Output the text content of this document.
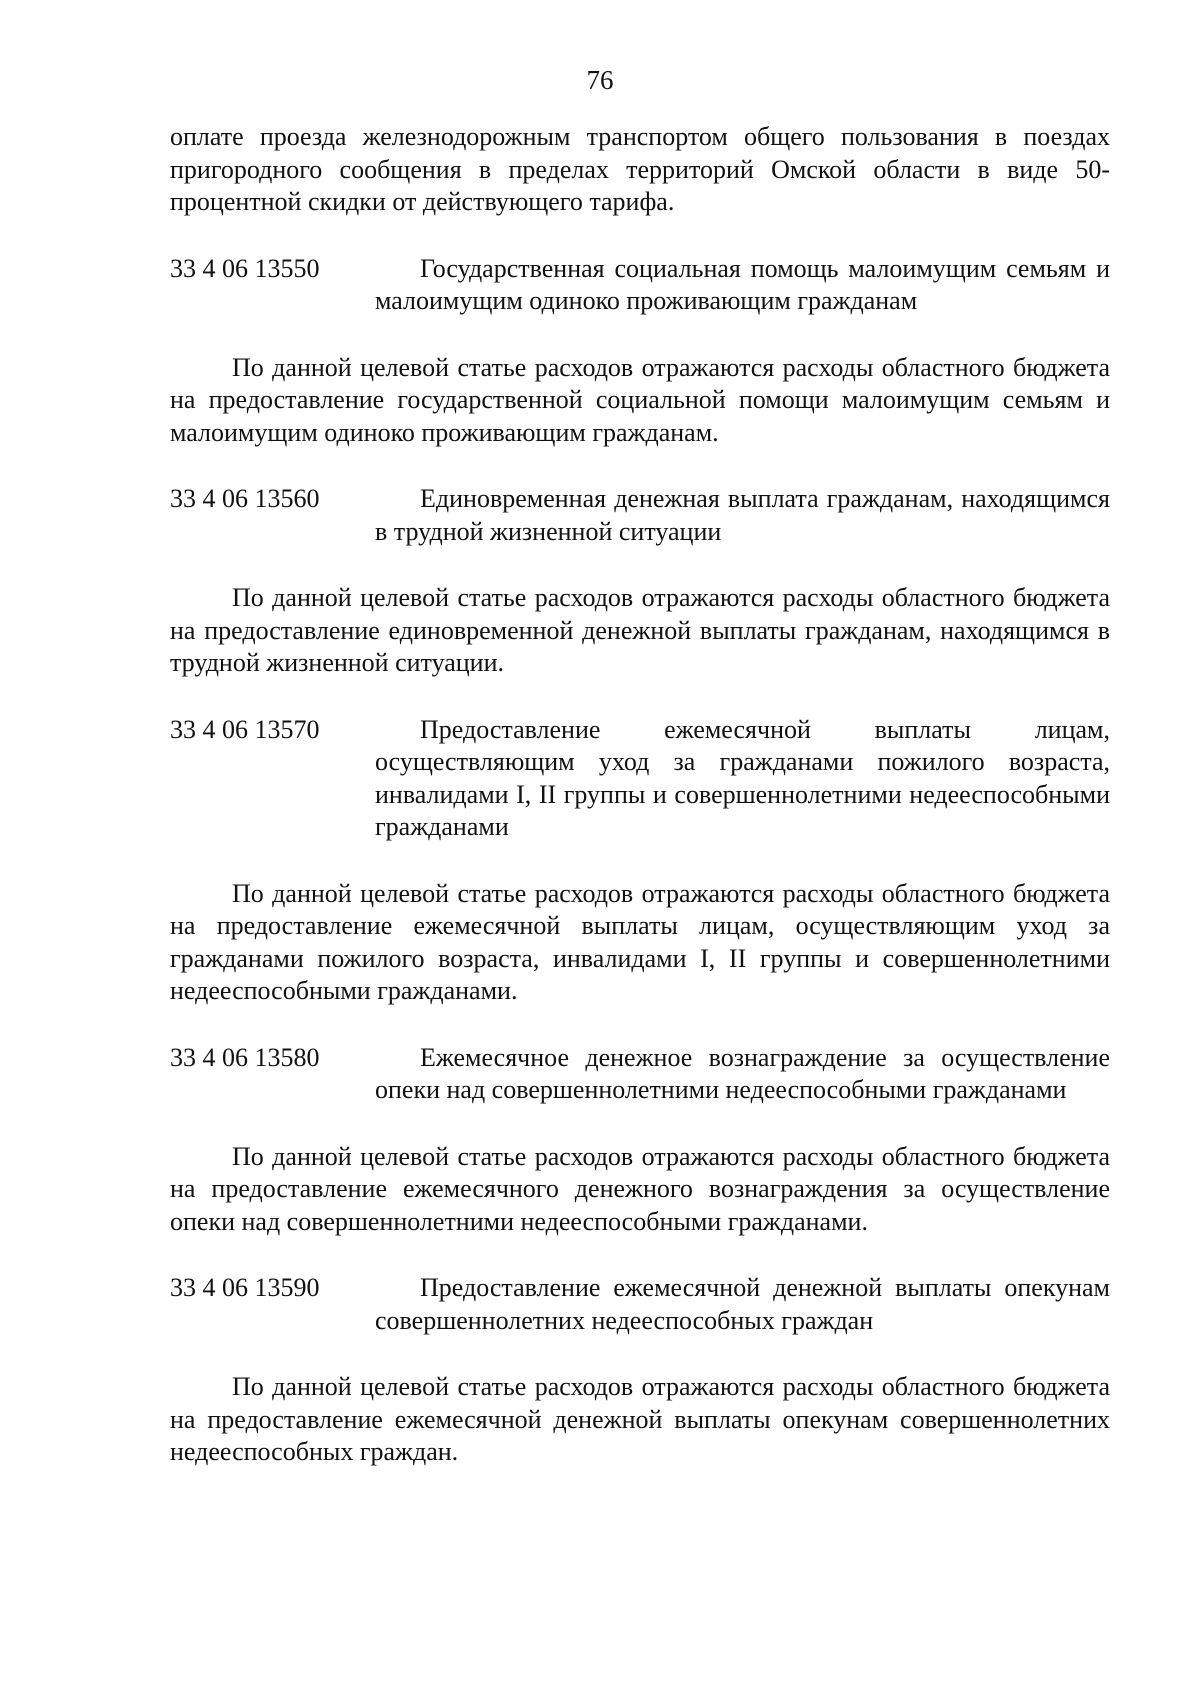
76

оплате проезда железнодорожным транспортом общего пользования в поездах пригородного сообщения в пределах территорий Омской области в виде 50-процентной скидки от действующего тарифа.

33 4 06 13550	Государственная социальная помощь малоимущим семьям и малоимущим одиноко проживающим гражданам

По данной целевой статье расходов отражаются расходы областного бюджета на предоставление государственной социальной помощи малоимущим семьям и малоимущим одиноко проживающим гражданам.

33 4 06 13560	Единовременная денежная выплата гражданам, находящимся в трудной жизненной ситуации

По данной целевой статье расходов отражаются расходы областного бюджета на предоставление единовременной денежной выплаты гражданам, находящимся в трудной жизненной ситуации.

33 4 06 13570	Предоставление ежемесячной выплаты лицам, осуществляющим уход за гражданами пожилого возраста, инвалидами I, II группы и совершеннолетними недееспособными гражданами

По данной целевой статье расходов отражаются расходы областного бюджета на предоставление ежемесячной выплаты лицам, осуществляющим уход за гражданами пожилого возраста, инвалидами I, II группы и совершеннолетними недееспособными гражданами.

33 4 06 13580	Ежемесячное денежное вознаграждение за осуществление опеки над совершеннолетними недееспособными гражданами

По данной целевой статье расходов отражаются расходы областного бюджета на предоставление ежемесячного денежного вознаграждения за осуществление опеки над совершеннолетними недееспособными гражданами.

33 4 06 13590	Предоставление ежемесячной денежной выплаты опекунам совершеннолетних недееспособных граждан

По данной целевой статье расходов отражаются расходы областного бюджета на предоставление ежемесячной денежной выплаты опекунам совершеннолетних недееспособных граждан.
